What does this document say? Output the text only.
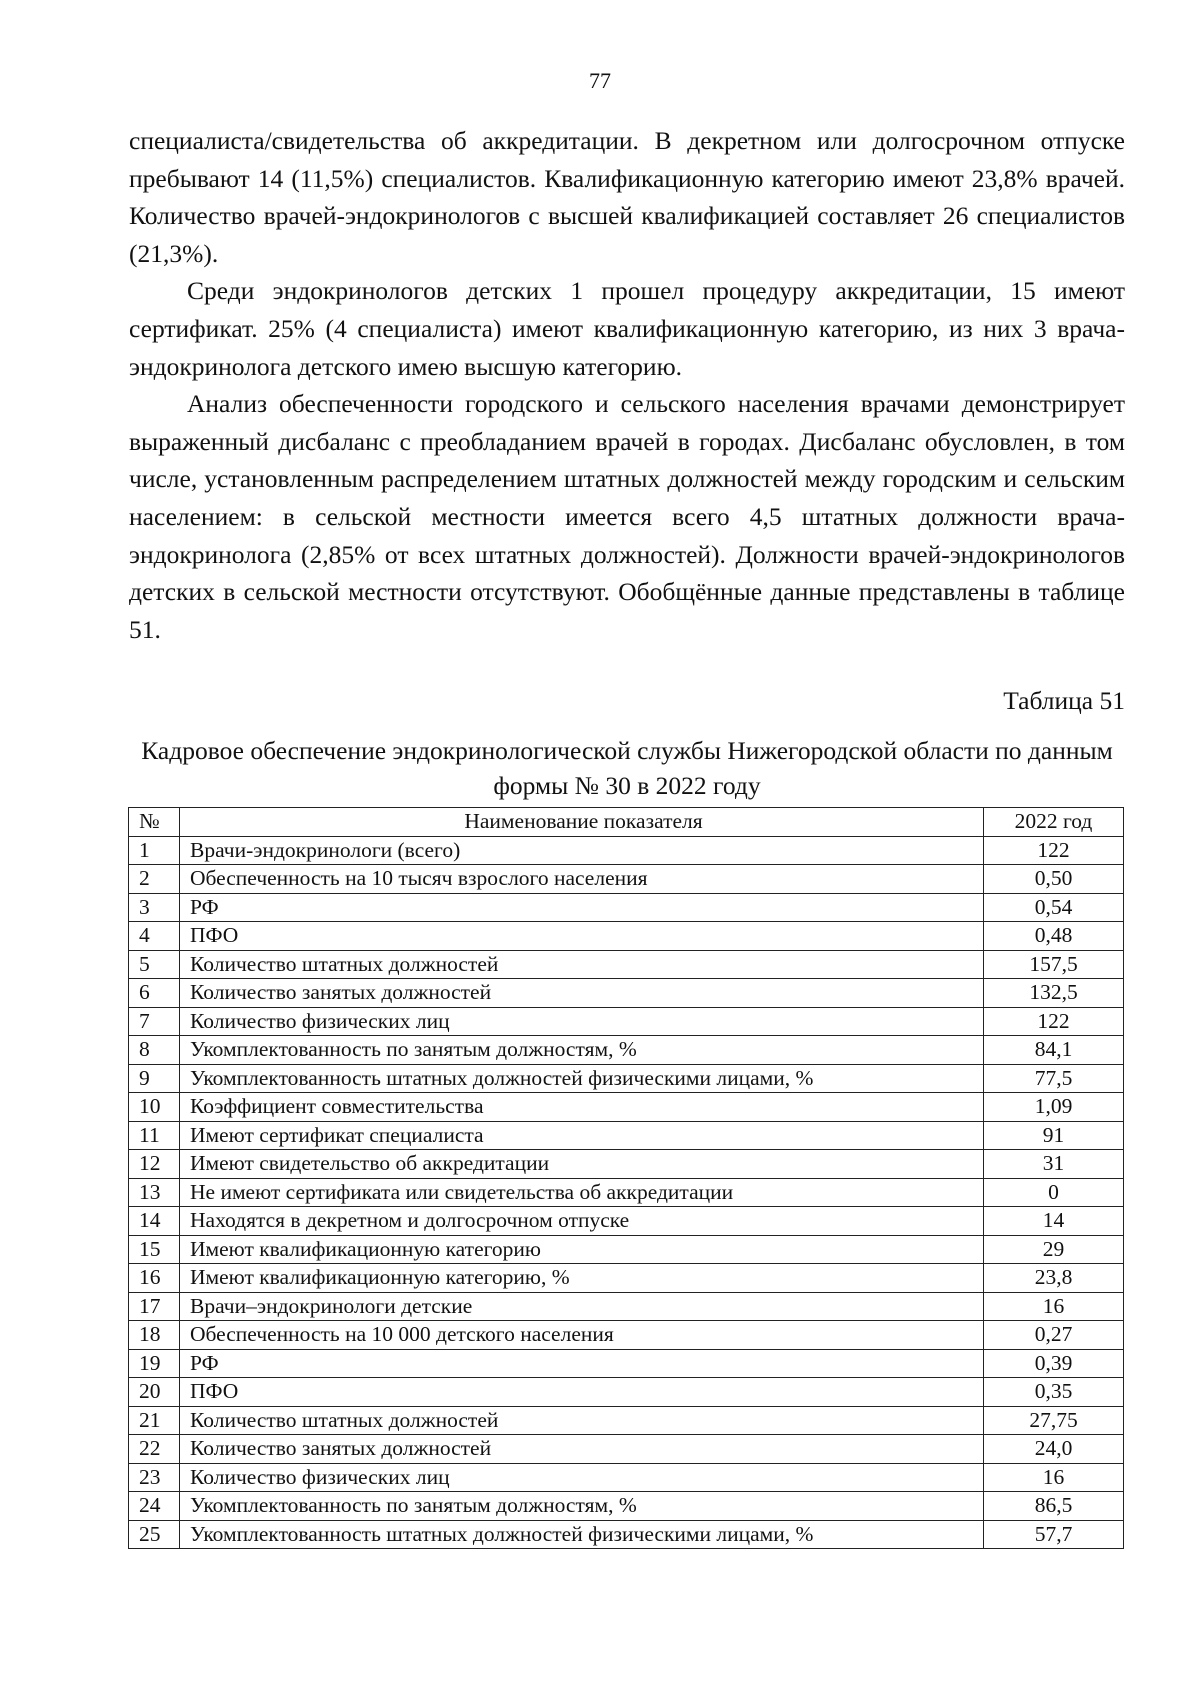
77

специалиста/свидетельства об аккредитации. В декретном или долгосрочном отпуске пребывают 14 (11,5%) специалистов. Квалификационную категорию имеют 23,8% врачей. Количество врачей-эндокринологов с высшей квалификацией составляет 26 специалистов (21,3%).

Среди эндокринологов детских 1 прошел процедуру аккредитации, 15 имеют сертификат. 25% (4 специалиста) имеют квалификационную категорию, из них 3 врача-эндокринолога детского имею высшую категорию.

Анализ обеспеченности городского и сельского населения врачами демонстрирует выраженный дисбаланс с преобладанием врачей в городах. Дисбаланс обусловлен, в том числе, установленным распределением штатных должностей между городским и сельским населением: в сельской местности имеется всего 4,5 штатных должности врача-эндокринолога (2,85% от всех штатных должностей). Должности врачей-эндокринологов детских в сельской местности отсутствуют. Обобщённые данные представлены в таблице 51.

Таблица 51
Кадровое обеспечение эндокринологической службы Нижегородской области по данным формы № 30 в 2022 году
№	Наименование показателя	2022 год
1	Врачи-эндокринологи (всего)	122
2	Обеспеченность на 10 тысяч взрослого населения	0,50
3	РФ	0,54
4	ПФО	0,48
5	Количество штатных должностей	157,5
6	Количество занятых должностей	132,5
7	Количество физических лиц	122
8	Укомплектованность по занятым должностям, %	84,1
9	Укомплектованность штатных должностей физическими лицами, %	77,5
10	Коэффициент совместительства	1,09
11	Имеют сертификат специалиста	91
12	Имеют свидетельство об аккредитации	31
13	Не имеют сертификата или свидетельства об аккредитации	0
14	Находятся в декретном и долгосрочном отпуске	14
15	Имеют квалификационную категорию	29
16	Имеют квалификационную категорию, %	23,8
17	Врачи–эндокринологи детские	16
18	Обеспеченность на 10 000 детского населения	0,27
19	РФ	0,39
20	ПФО	0,35
21	Количество штатных должностей	27,75
22	Количество занятых должностей	24,0
23	Количество физических лиц	16
24	Укомплектованность по занятым должностям, %	86,5
25	Укомплектованность штатных должностей физическими лицами, %	57,7
